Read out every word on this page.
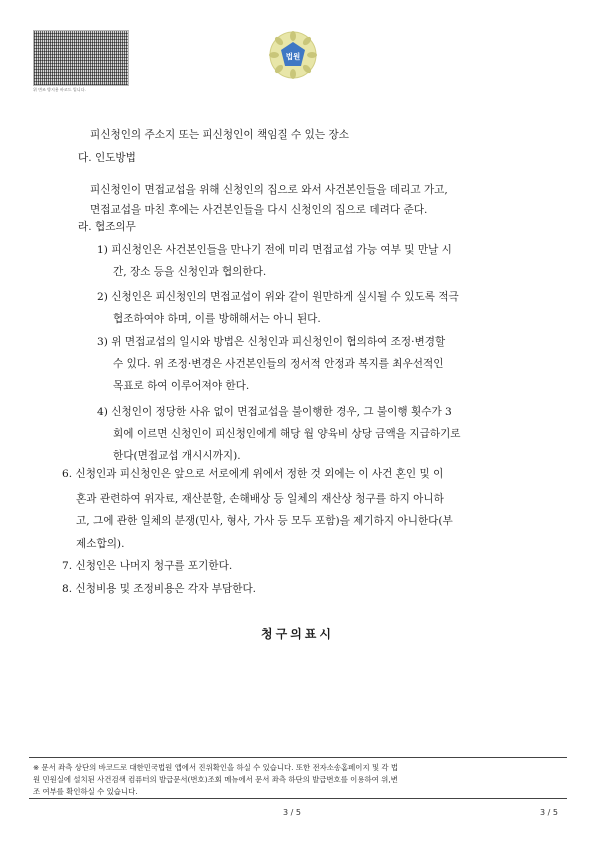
위 변조 방지용 바코드 입니다.
법원
피신청인의 주소지 또는 피신청인이 책임질 수 있는 장소
다. 인도방법
피신청인이 면접교섭을 위해 신청인의 집으로 와서 사건본인들을 데리고 가고,
면접교섭을 마친 후에는 사건본인들을 다시 신청인의 집으로 데려다 준다.
라. 협조의무
1) 피신청인은 사건본인들을 만나기 전에 미리 면접교섭 가능 여부 및 만날 시
간, 장소 등을 신청인과 협의한다.
2) 신청인은 피신청인의 면접교섭이 위와 같이 원만하게 실시될 수 있도록 적극
협조하여야 하며, 이를 방해해서는 아니 된다.
3) 위 면접교섭의 일시와 방법은 신청인과 피신청인이 협의하여 조정·변경할
수 있다. 위 조정·변경은 사건본인들의 정서적 안정과 복지를 최우선적인
목표로 하여 이루어져야 한다.
4) 신청인이 정당한 사유 없이 면접교섭을 불이행한 경우, 그 불이행 횟수가 3
회에 이르면 신청인이 피신청인에게 해당 월 양육비 상당 금액을 지급하기로
한다(면접교섭 개시시까지).
6. 신청인과 피신청인은 앞으로 서로에게 위에서 정한 것 외에는 이 사건 혼인 및 이
혼과 관련하여 위자료, 재산분할, 손해배상 등 일체의 재산상 청구를 하지 아니하
고, 그에 관한 일체의 분쟁(민사, 형사, 가사 등 모두 포함)을 제기하지 아니한다(부
제소합의).
7. 신청인은 나머지 청구를 포기한다.
8. 신청비용 및 조정비용은 각자 부담한다.
청구의표시
※ 문서 좌측 상단의 바코드로 대한민국법원 앱에서 진위확인을 하실 수 있습니다. 또한 전자소송홈페이지 및 각 법
원 민원실에 설치된 사건검색 컴퓨터의 발급문서(번호)조회 메뉴에서 문서 좌측 하단의 발급번호를 이용하여 위,변
조 여부를 확인하실 수 있습니다.
3 / 5	3 / 5
